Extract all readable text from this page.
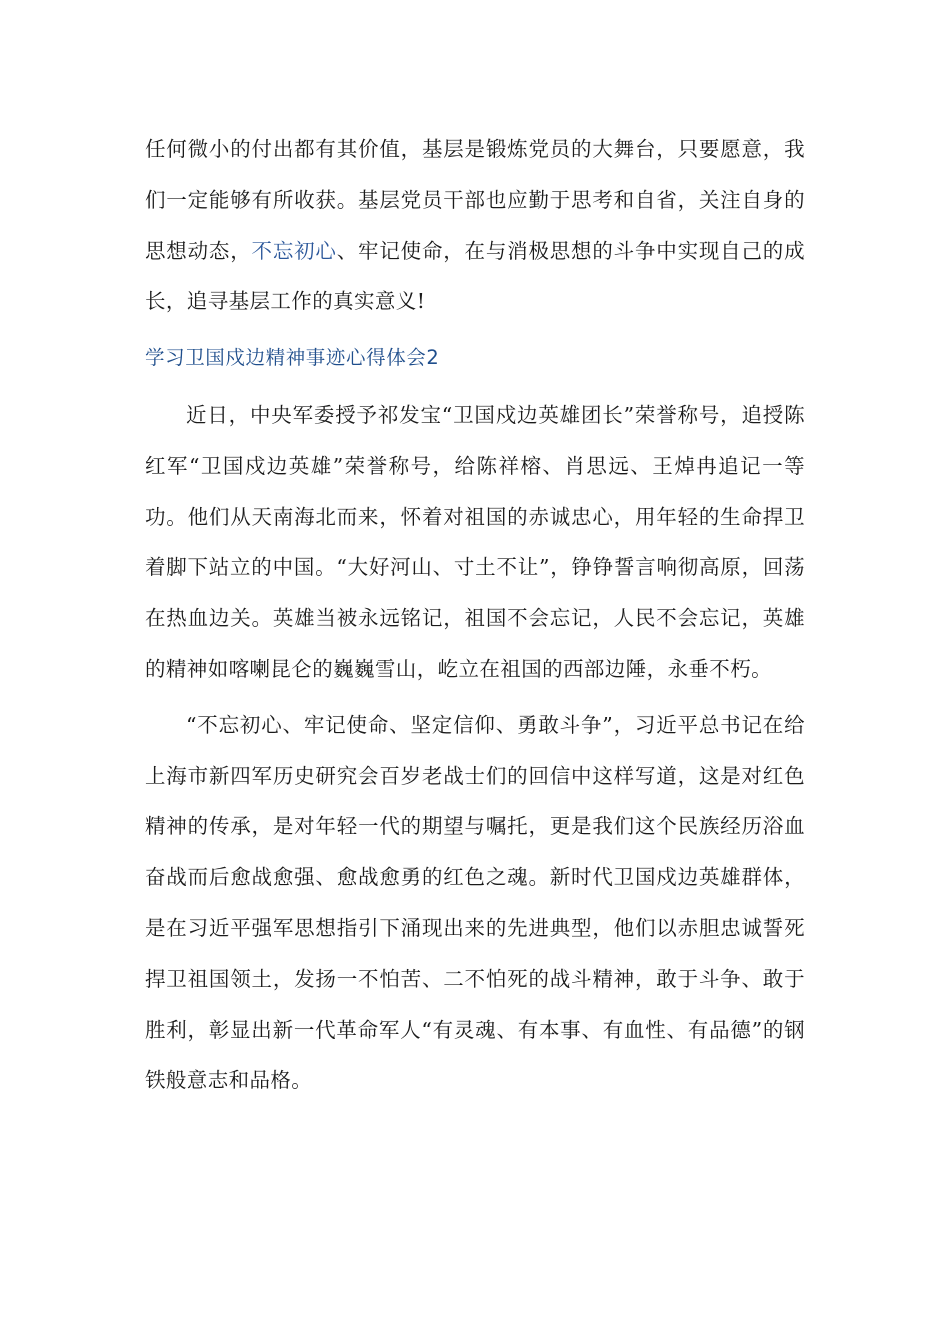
任何微小的付出都有其价值，基层是锻炼党员的大舞台，只要愿意，我们一定能够有所收获。基层党员干部也应勤于思考和自省，关注自身的思想动态，不忘初心、牢记使命，在与消极思想的斗争中实现自己的成长，追寻基层工作的真实意义!

学习卫国戍边精神事迹心得体会2

近日，中央军委授予祁发宝“卫国戍边英雄团长”荣誉称号，追授陈红军“卫国戍边英雄”荣誉称号，给陈祥榕、肖思远、王焯冉追记一等功。他们从天南海北而来，怀着对祖国的赤诚忠心，用年轻的生命捍卫着脚下站立的中国。“大好河山、寸土不让”，铮铮誓言响彻高原，回荡在热血边关。英雄当被永远铭记，祖国不会忘记，人民不会忘记，英雄的精神如喀喇昆仑的巍巍雪山，屹立在祖国的西部边陲，永垂不朽。

“不忘初心、牢记使命、坚定信仰、勇敢斗争”，习近平总书记在给上海市新四军历史研究会百岁老战士们的回信中这样写道，这是对红色精神的传承，是对年轻一代的期望与嘱托，更是我们这个民族经历浴血奋战而后愈战愈强、愈战愈勇的红色之魂。新时代卫国戍边英雄群体，是在习近平强军思想指引下涌现出来的先进典型，他们以赤胆忠诚誓死捍卫祖国领土，发扬一不怕苦、二不怕死的战斗精神，敢于斗争、敢于胜利，彰显出新一代革命军人“有灵魂、有本事、有血性、有品德”的钢铁般意志和品格。
